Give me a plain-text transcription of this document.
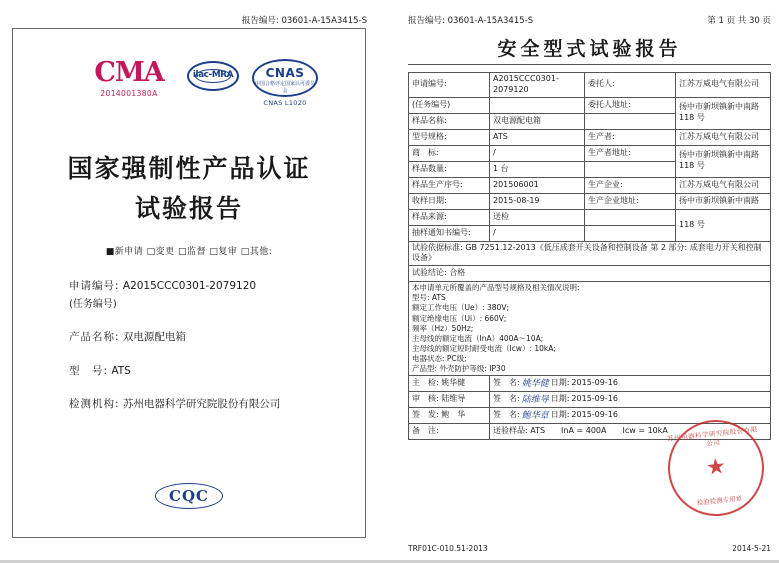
报告编号: 03601-A-15A3415-S
CMA
2014001380A
ilac-MRA	CNAS
中国合格评定国家认可委员会
CNAS L1020
国家强制性产品认证
试验报告
■新申请 □变更 □监督 □复审 □其他:
申请编号: A2015CCC0301-2079120
(任务编号)
产品名称: 双电源配电箱
型　号: ATS
检测机构: 苏州电器科学研究院股份有限公司
CQC
报告编号: 03601-A-15A3415-S	第 1 页 共 30 页
安全型式试验报告
申请编号:	A2015CCC0301-2079120	委托人:	江苏万威电气有限公司
(任务编号)		委托人地址:	扬中市新坝镇新中南路 118 号
样品名称:	双电源配电箱		
型号规格:	ATS	生产者:	江苏万威电气有限公司
商　标:	/	生产者地址:	扬中市新坝镇新中南路 118 号
样品数量:	1 台		
样品生产序号:	201506001	生产企业:	江苏万威电气有限公司
收样日期:	2015-08-19	生产企业地址:	扬中市新坝镇新中南路
样品来源:	送检		118 号
抽样通知书编号:	/		
试验依据标准: GB 7251.12-2013《低压成套开关设备和控制设备 第 2 部分: 成套电力开关和控制设备》			
试验结论: 合格			

本申请单元所覆盖的产品型号规格及相关情况说明:
型号: ATS
额定工作电压（Ue）: 380V;
额定绝缘电压（Ui）: 660V;
频率（Hz）50Hz;
主母线的额定电流（InA）400A～10A;
主母线的额定短时耐受电流（Icw）: 10kA;
电器状态: PC级;
产品型: 外壳防护等级: IP30

主　检: 姚华健	签　名: 姚华健 日期: 2015-09-16		

审　核: 陆维导	签　名: 陆维导 日期: 2015-09-16		

签　发: 鲍　华	签　名: 鲍华章 日期: 2015-09-16		

备　注:	送验样品: ATS　　InA = 400A　　Icw = 10kA		
苏州电器科学研究院股份有限公司
★
检验检测专用章
TRF01C-010.51-2013	2014-5-21
